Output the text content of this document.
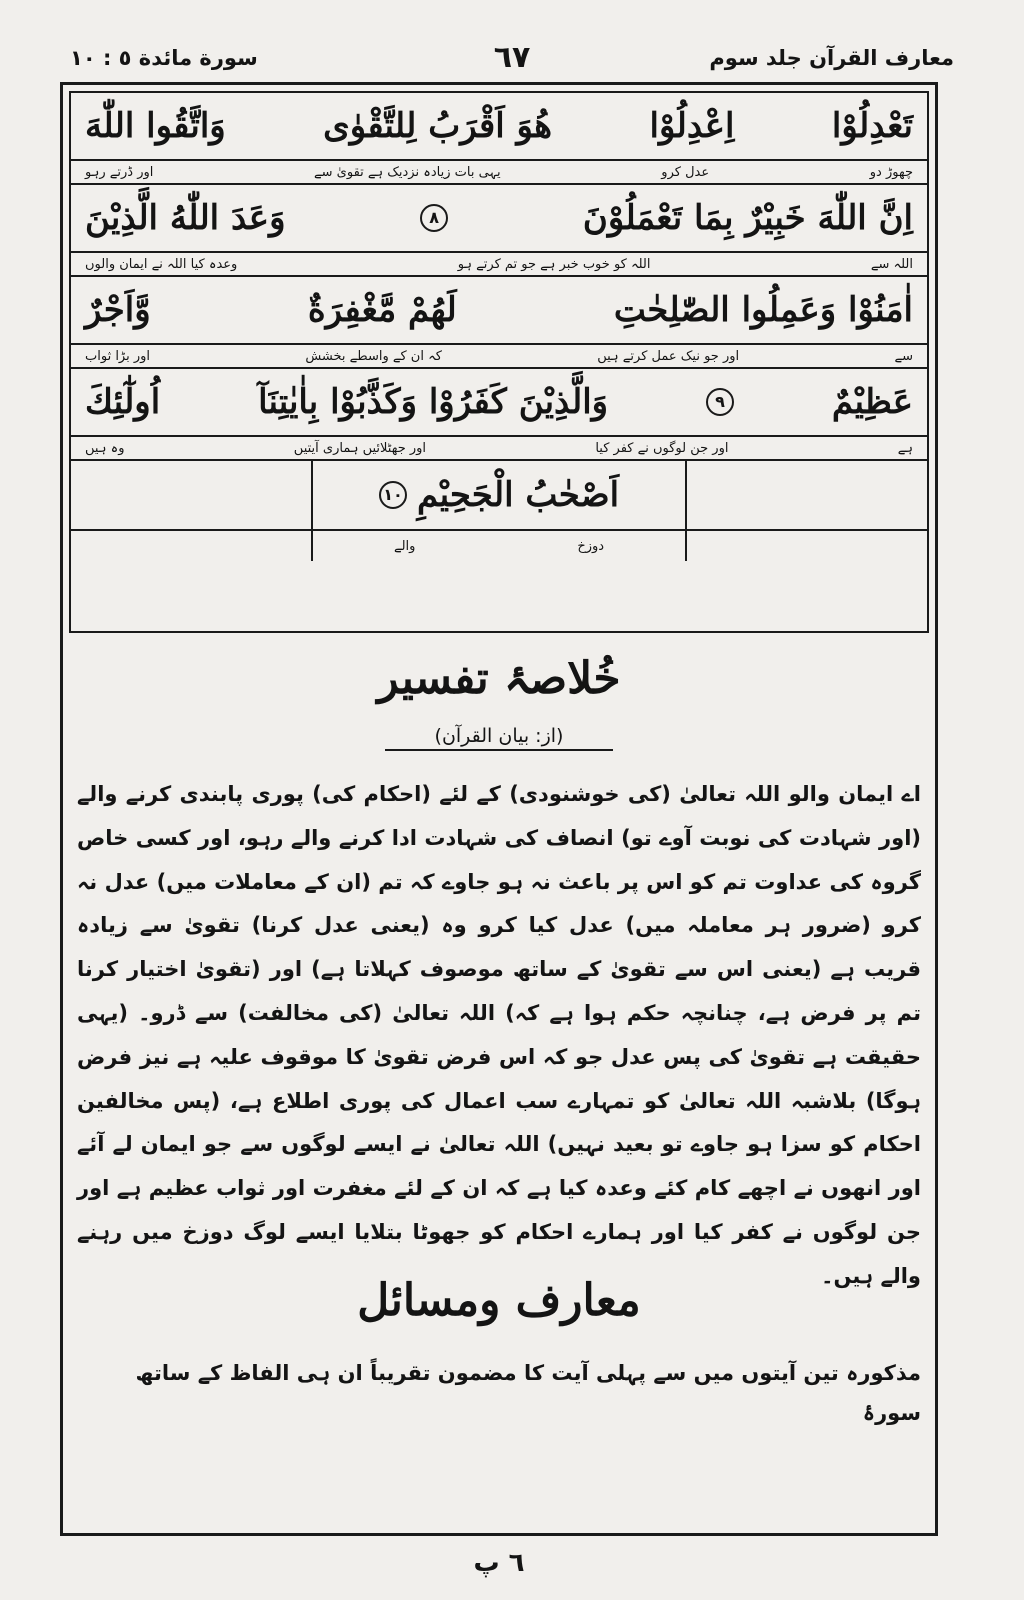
معارف القرآن جلد سوم
٦٧
سورة مائدة ٥ : ١٠
تَعْدِلُوْا
اِعْدِلُوْا
هُوَ اَقْرَبُ لِلتَّقْوٰى
وَاتَّقُوا اللّٰهَ
چھوڑ دو
عدل کرو
یہی بات زیادہ نزدیک ہے تقویٰ سے
اور ڈرتے رہو
اِنَّ اللّٰهَ خَبِيْرٌ بِمَا تَعْمَلُوْنَ
٨
وَعَدَ اللّٰهُ الَّذِيْنَ
اللہ سے
اللہ کو خوب خبر ہے جو تم کرتے ہو
وعدہ کیا اللہ نے ایمان والوں
اٰمَنُوْا وَعَمِلُوا الصّٰلِحٰتِ
لَهُمْ مَّغْفِرَةٌ
وَّاَجْرٌ
سے
اور جو نیک عمل کرتے ہیں
کہ ان کے واسطے بخشش
اور بڑا ثواب
عَظِيْمٌ
٩
وَالَّذِيْنَ كَفَرُوْا وَكَذَّبُوْا بِاٰيٰتِنَآ
اُولٰٓئِكَ
ہے
اور جن لوگوں نے کفر کیا
اور جھٹلائیں ہماری آیتیں
وہ ہیں
اَصْحٰبُ الْجَحِيْمِ
١٠
دوزخ
والے
خُلاصۂ تفسیر
(از: بیان القرآن)

اے ایمان والو اللہ تعالیٰ (کی خوشنودی) کے لئے (احکام کی) پوری پابندی کرنے والے (اور شہادت کی نوبت آوے تو) انصاف کی شہادت ادا کرنے والے رہو، اور کسی خاص گروہ کی عداوت تم کو اس پر باعث نہ ہو جاوے کہ تم (ان کے معاملات میں) عدل نہ کرو (ضرور ہر معاملہ میں) عدل کیا کرو وہ (یعنی عدل کرنا) تقویٰ سے زیادہ قریب ہے (یعنی اس سے تقویٰ کے ساتھ موصوف کہلاتا ہے) اور (تقویٰ اختیار کرنا تم پر فرض ہے، چنانچہ حکم ہوا ہے کہ) اللہ تعالیٰ (کی مخالفت) سے ڈرو۔ (یہی حقیقت ہے تقویٰ کی پس عدل جو کہ اس فرض تقویٰ کا موقوف علیہ ہے نیز فرض ہوگا) بلاشبہ اللہ تعالیٰ کو تمہارے سب اعمال کی پوری اطلاع ہے، (پس مخالفین احکام کو سزا ہو جاوے تو بعید نہیں) اللہ تعالیٰ نے ایسے لوگوں سے جو ایمان لے آئے اور انھوں نے اچھے کام کئے وعدہ کیا ہے کہ ان کے لئے مغفرت اور ثواب عظیم ہے اور جن لوگوں نے کفر کیا اور ہمارے احکام کو جھوٹا بتلایا ایسے لوگ دوزخ میں رہنے والے ہیں۔

معارف ومسائل

مذکورہ تین آیتوں میں سے پہلی آیت کا مضمون تقریباً ان ہی الفاظ کے ساتھ سورۂ

٦ پ
